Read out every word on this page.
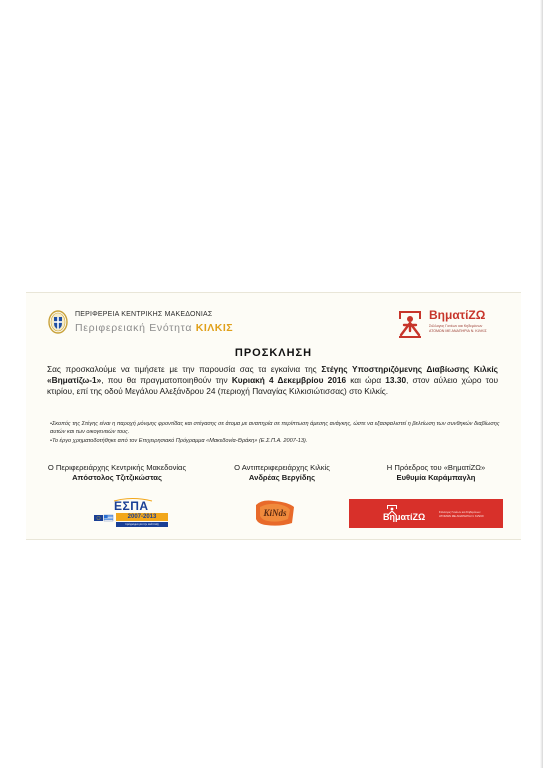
ΠΕΡΙΦΕΡΕΙΑ ΚΕΝΤΡΙΚΗΣ ΜΑΚΕΔΟΝΙΑΣ
Περιφερειακή Ενότητα ΚΙΛΚΙΣ
ΒηματίΖΩ
Σύλλογος Γονέων και Κηδεμόνων
ΑΤΟΜΩΝ ΜΕ ΑΝΑΠΗΡΙΑ Ν. ΚΙΛΚΙΣ
ΠΡΟΣΚΛΗΣΗ
Σας προσκαλούμε να τιμήσετε με την παρουσία σας τα εγκαίνια της Στέγης Υποστηριζόμενης Διαβίωσης Κιλκίς «Βηματίζω-1», που θα πραγματοποιηθούν την Κυριακή 4 Δεκεμβρίου 2016 και ώρα 13.30, στον αύλειο χώρο του κτιρίου, επί της οδού Μεγάλου Αλεξάνδρου 24 (περιοχή Παναγίας Κιλκισιώτισσας) στο Κιλκίς.

•Σκοπός της Στέγης είναι η παροχή μόνιμης φροντίδας και στέγασης σε άτομα με αναπηρία σε περίπτωση άμεσης ανάγκης, ώστε να εξασφαλιστεί η βελτίωση των συνθηκών διαβίωσης αυτών και των οικογενειών τους.

•Το έργο χρηματοδοτήθηκε από τον Επιχειρησιακό Πρόγραμμα «Μακεδονία-Θράκη» (Ε.Σ.Π.Α. 2007-13).

Ο Περιφερειάρχης Κεντρικής Μακεδονίας
Απόστολος Τζιτζικώστας
Ο Αντιπεριφερειάρχης Κιλκίς
Ανδρέας Βεργίδης
Η Πρόεδρος του «ΒηματίΖΩ»
Ευθυμία Καράμπαγλη
ΕΣΠΑ
2007-2013
πρόγραμμα για την ανάπτυξη
KiNds	ΒηματίΖΩ	Σύλλογος Γονέων και Κηδεμόνων
ΑΤΟΜΩΝ ΜΕ ΑΝΑΠΗΡΙΑ Ν. ΚΙΛΚΙΣ
